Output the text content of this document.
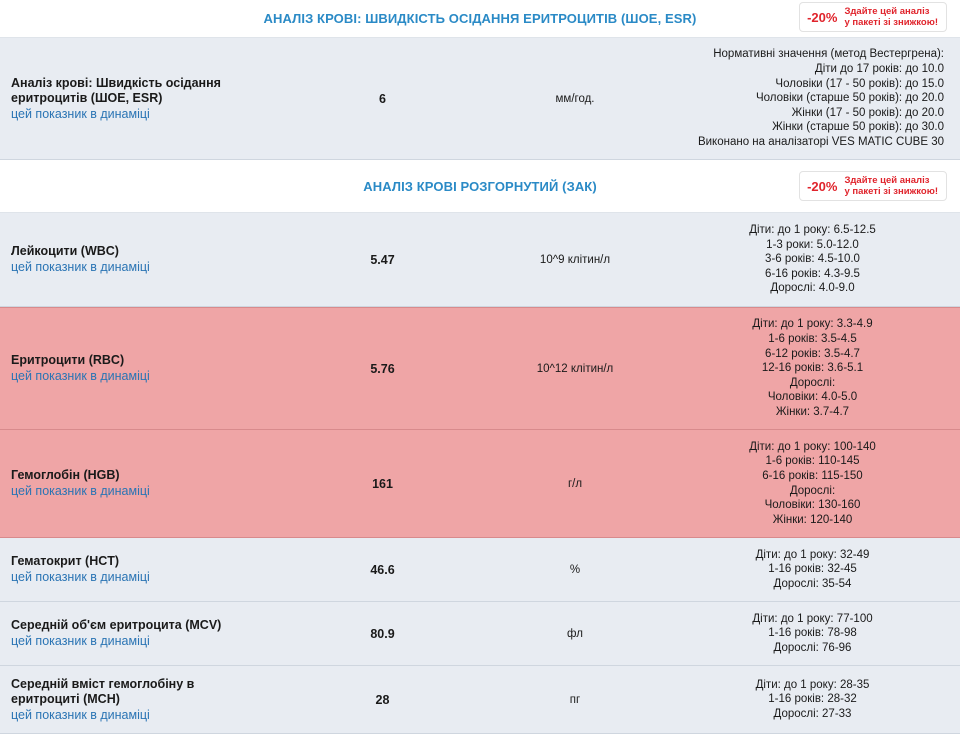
АНАЛІЗ КРОВІ: ШВИДКІСТЬ ОСІДАННЯ ЕРИТРОЦИТІВ (ШОЕ, ESR)	-20% Здайте цей аналіз
у пакеті зі знижкою!
Аналіз крові: Швидкість осідання
еритроцитів (ШОЕ, ESR)
цей показник в динаміці
6	мм/год.
Нормативні значення (метод Вестергрена):
Діти до 17 років: до 10.0
Чоловіки (17 - 50 років): до 15.0
Чоловіки (старше 50 років): до 20.0
Жінки (17 - 50 років): до 20.0
Жінки (старше 50 років): до 30.0
Виконано на аналізаторі VES MATIC CUBE 30
АНАЛІЗ КРОВІ РОЗГОРНУТИЙ (ЗАК)	-20% Здайте цей аналіз
у пакеті зі знижкою!
Лейкоцити (WBC)
цей показник в динаміці
5.47	10^9 клітин/л
Діти: до 1 року: 6.5-12.5
1-3 роки: 5.0-12.0
3-6 років: 4.5-10.0
6-16 років: 4.3-9.5
Дорослі: 4.0-9.0
Еритроцити (RBC)
цей показник в динаміці
5.76	10^12 клітин/л
Діти: до 1 року: 3.3-4.9
1-6 років: 3.5-4.5
6-12 років: 3.5-4.7
12-16 років: 3.6-5.1
Дорослі:
Чоловіки: 4.0-5.0
Жінки: 3.7-4.7
Гемоглобін (HGB)
цей показник в динаміці
161	г/л
Діти: до 1 року: 100-140
1-6 років: 110-145
6-16 років: 115-150
Дорослі:
Чоловіки: 130-160
Жінки: 120-140
Гематокрит (HCT)
цей показник в динаміці
46.6	%
Діти: до 1 року: 32-49
1-16 років: 32-45
Дорослі: 35-54
Середній об'єм еритроцита (MCV)
цей показник в динаміці
80.9	фл
Діти: до 1 року: 77-100
1-16 років: 78-98
Дорослі: 76-96
Середній вміст гемоглобіну в
еритроциті (MCH)
цей показник в динаміці
28	пг
Діти: до 1 року: 28-35
1-16 років: 28-32
Дорослі: 27-33
